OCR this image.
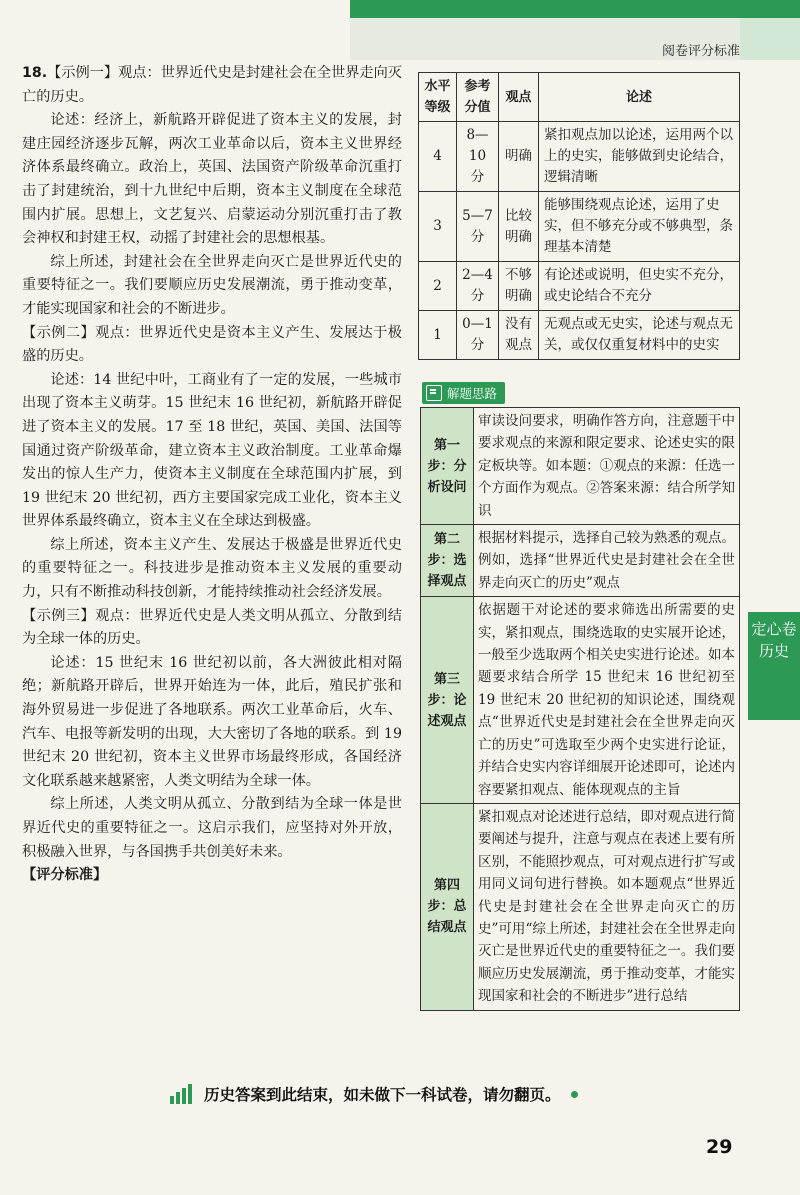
阅卷评分标准

18.【示例一】观点：世界近代史是封建社会在全世界走向灭亡的历史。

论述：经济上，新航路开辟促进了资本主义的发展，封建庄园经济逐步瓦解，两次工业革命以后，资本主义世界经济体系最终确立。政治上，英国、法国资产阶级革命沉重打击了封建统治，到十九世纪中后期，资本主义制度在全球范围内扩展。思想上，文艺复兴、启蒙运动分别沉重打击了教会神权和封建王权，动摇了封建社会的思想根基。

综上所述，封建社会在全世界走向灭亡是世界近代史的重要特征之一。我们要顺应历史发展潮流，勇于推动变革，才能实现国家和社会的不断进步。

【示例二】观点：世界近代史是资本主义产生、发展达于极盛的历史。

论述：14 世纪中叶，工商业有了一定的发展，一些城市出现了资本主义萌芽。15 世纪末 16 世纪初，新航路开辟促进了资本主义的发展。17 至 18 世纪，英国、美国、法国等国通过资产阶级革命，建立资本主义政治制度。工业革命爆发出的惊人生产力，使资本主义制度在全球范围内扩展，到 19 世纪末 20 世纪初，西方主要国家完成工业化，资本主义世界体系最终确立，资本主义在全球达到极盛。

综上所述，资本主义产生、发展达于极盛是世界近代史的重要特征之一。科技进步是推动资本主义发展的重要动力，只有不断推动科技创新，才能持续推动社会经济发展。

【示例三】观点：世界近代史是人类文明从孤立、分散到结为全球一体的历史。

论述：15 世纪末 16 世纪初以前，各大洲彼此相对隔绝；新航路开辟后，世界开始连为一体，此后，殖民扩张和海外贸易进一步促进了各地联系。两次工业革命后，火车、汽车、电报等新发明的出现，大大密切了各地的联系。到 19 世纪末 20 世纪初，资本主义世界市场最终形成，各国经济文化联系越来越紧密，人类文明结为全球一体。

综上所述，人类文明从孤立、分散到结为全球一体是世界近代史的重要特征之一。这启示我们，应坚持对外开放，积极融入世界，与各国携手共创美好未来。

【评分标准】

水平等级	参考分值	观点	论述
4	8—10 分	明确	紧扣观点加以论述，运用两个以上的史实，能够做到史论结合，逻辑清晰
3	5—7 分	比较明确	能够围绕观点论述，运用了史实，但不够充分或不够典型，条理基本清楚
2	2—4 分	不够明确	有论述或说明，但史实不充分，或史论结合不充分
1	0—1 分	没有观点	无观点或无史实，论述与观点无关，或仅仅重复材料中的史实
解题思路
第一步：分析设问	审读设问要求，明确作答方向，注意题干中要求观点的来源和限定要求、论述史实的限定板块等。如本题：①观点的来源：任选一个方面作为观点。②答案来源：结合所学知识
第二步：选择观点	根据材料提示，选择自己较为熟悉的观点。例如，选择“世界近代史是封建社会在全世界走向灭亡的历史”观点
第三步：论述观点	依据题干对论述的要求筛选出所需要的史实，紧扣观点，围绕选取的史实展开论述，一般至少选取两个相关史实进行论述。如本题要求结合所学 15 世纪末 16 世纪初至 19 世纪末 20 世纪初的知识论述，围绕观点“世界近代史是封建社会在全世界走向灭亡的历史”可选取至少两个史实进行论证，并结合史实内容详细展开论述即可，论述内容要紧扣观点、能体现观点的主旨
第四步：总结观点	紧扣观点对论述进行总结，即对观点进行简要阐述与提升，注意与观点在表述上要有所区别，不能照抄观点，可对观点进行扩写或用同义词句进行替换。如本题观点“世界近代史是封建社会在全世界走向灭亡的历史”可用“综上所述，封建社会在全世界走向灭亡是世界近代史的重要特征之一。我们要顺应历史发展潮流，勇于推动变革，才能实现国家和社会的不断进步”进行总结
定心卷
历史
历史答案到此结束，如未做下一科试卷，请勿翻页。
29
